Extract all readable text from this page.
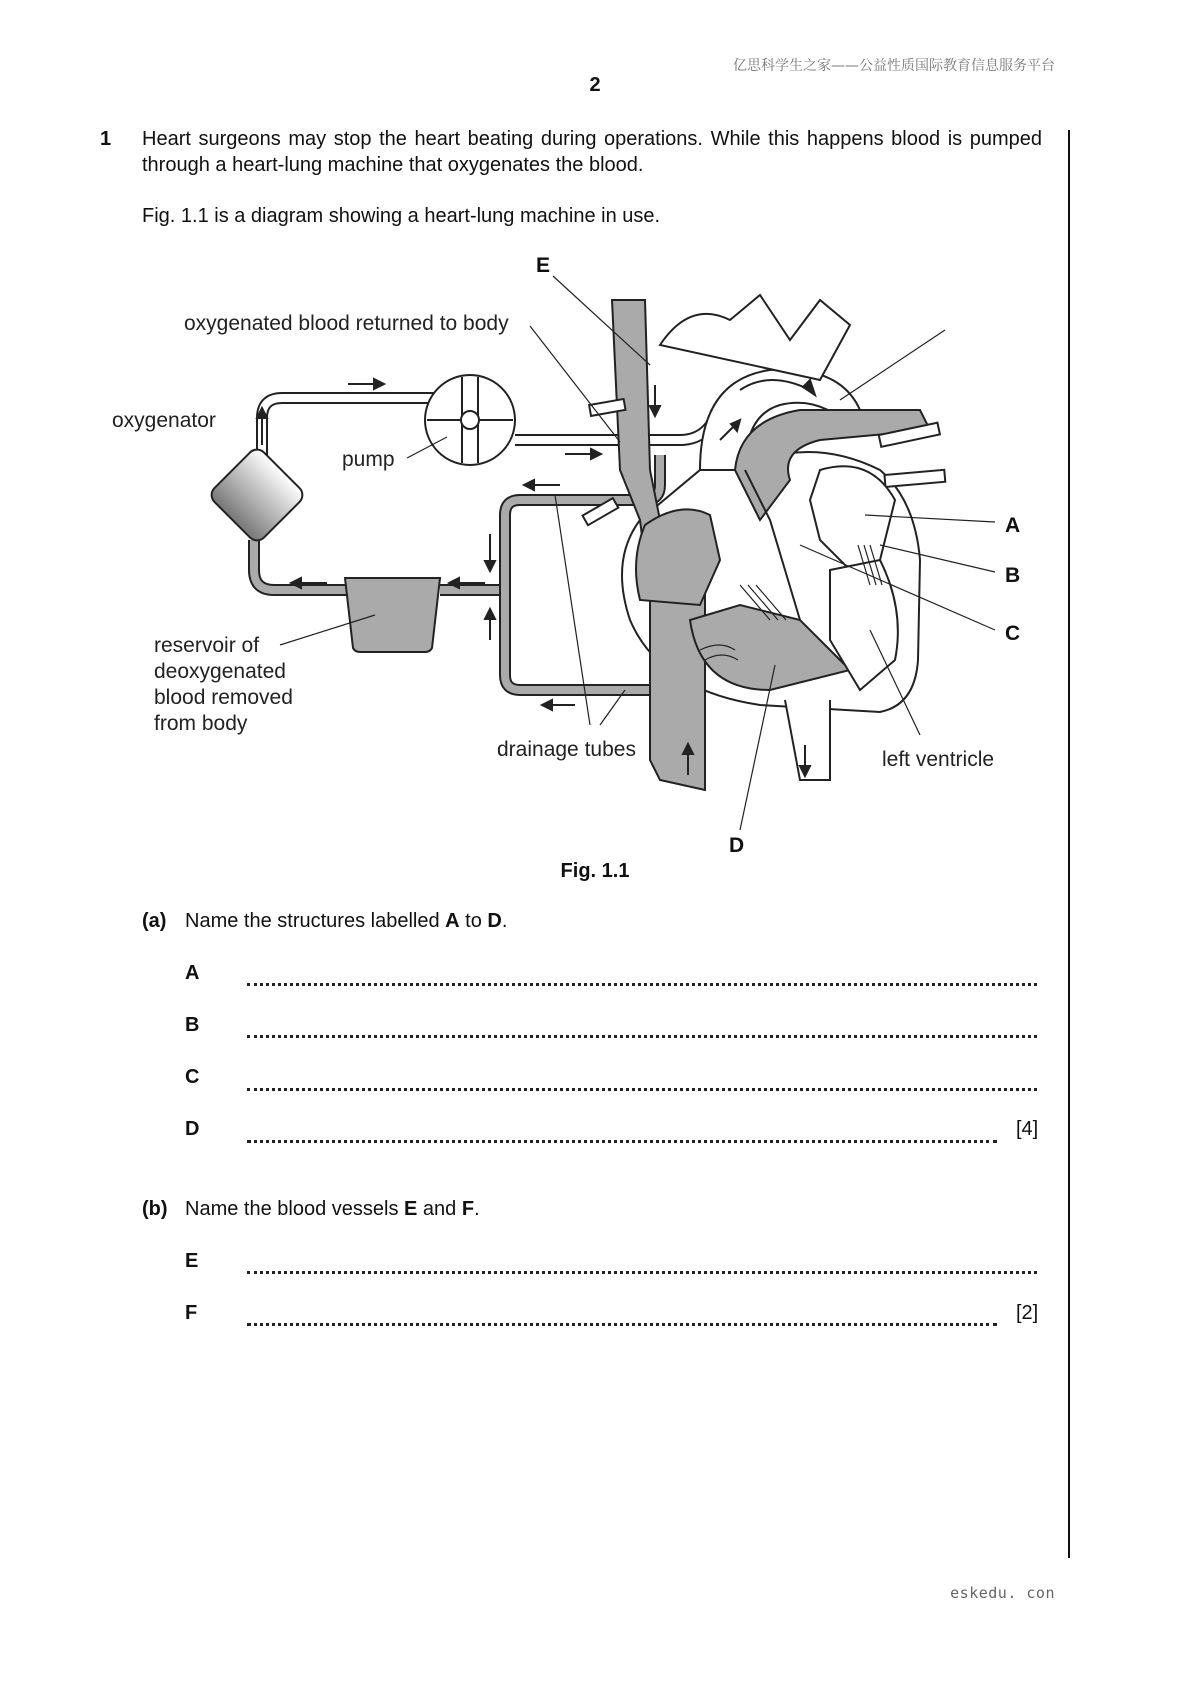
亿思科学生之家——公益性质国际教育信息服务平台
2
1 Heart surgeons may stop the heart beating during operations. While this happens blood is pumped through a heart-lung machine that oxygenates the blood.
Fig. 1.1 is a diagram showing a heart-lung machine in use.
E
oxygenated blood returned to body
oxygenator
pump
reservoir of
deoxygenated
blood removed
from body
drainage tubes	left ventricle
A
B
C
D
Fig. 1.1
(a) Name the structures labelled A to D.
A
B
C
D	[4]
(b) Name the blood vessels E and F.
E
F	[2]
eskedu. con
